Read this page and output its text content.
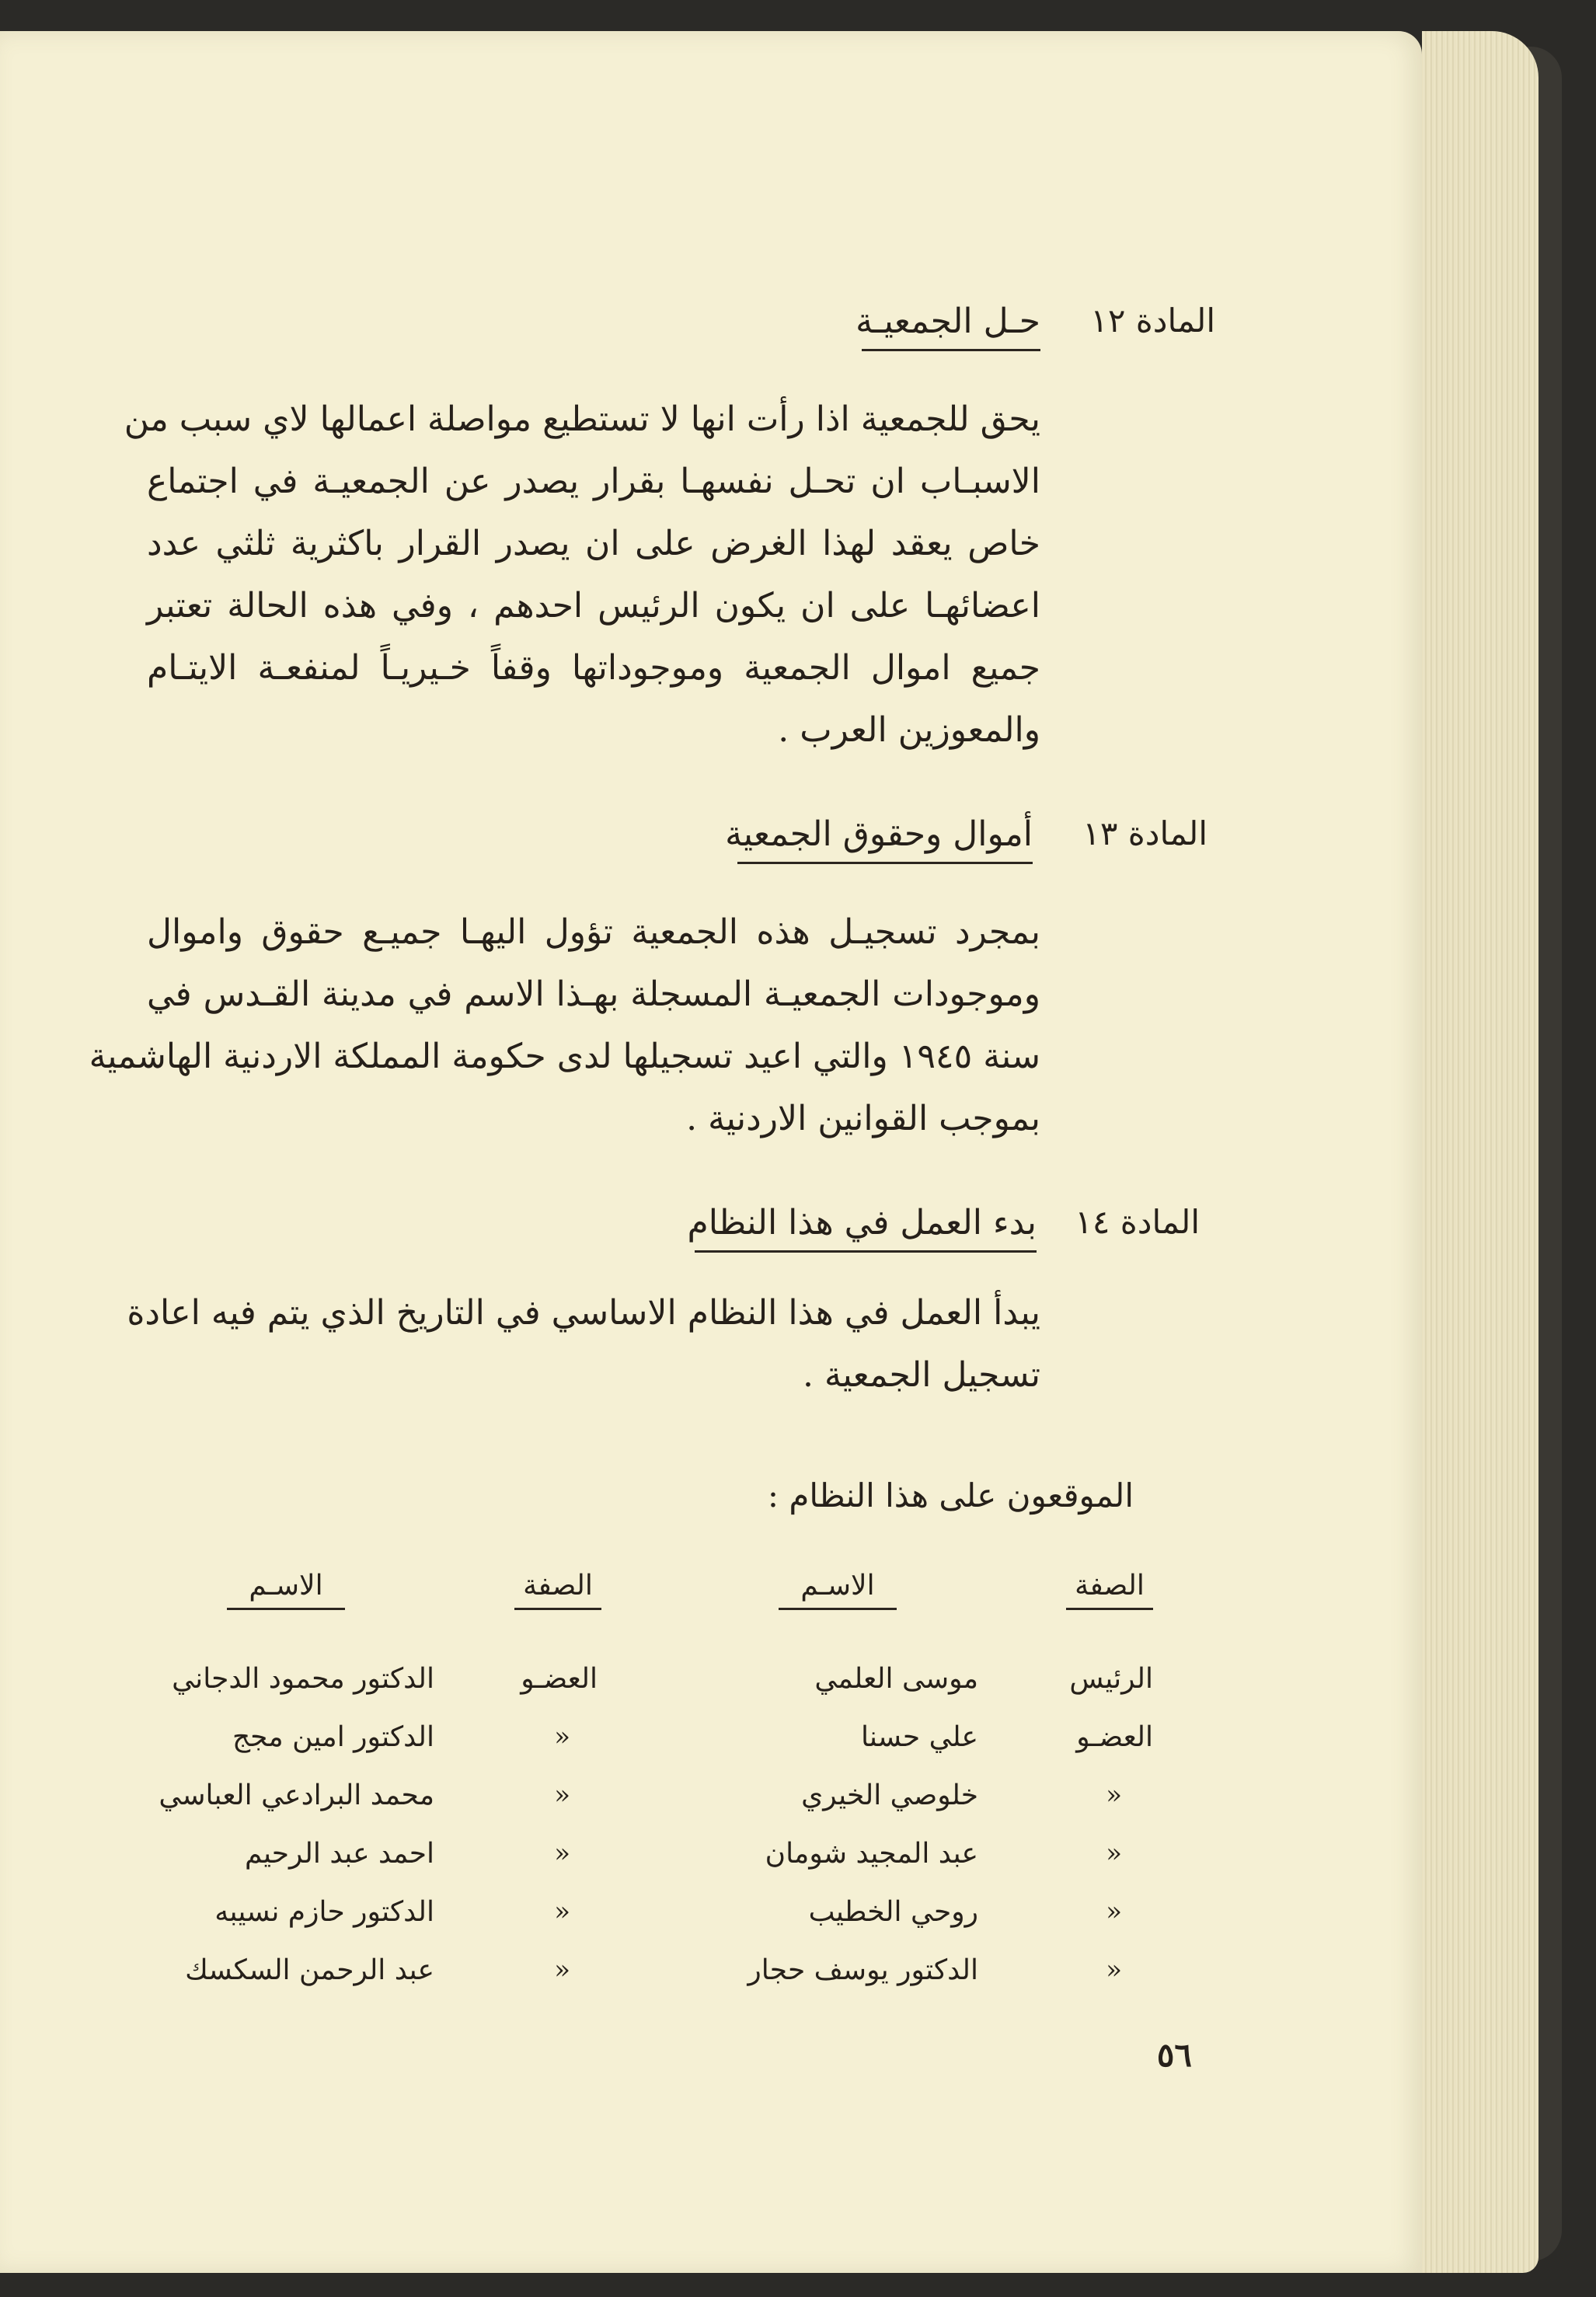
المادة ١٢
حـل الجمعيـة
يحق للجمعية اذا رأت انها لا تستطيع مواصلة اعمالها لاي سبب من
الاسبـاب ان تحـل نفسهـا بقرار يصدر عن الجمعيـة في اجتماع
خاص يعقد لهذا الغرض على ان يصدر القرار باكثرية ثلثي عدد
اعضائهـا على ان يكون الرئيس احدهم ، وفي هذه الحالة تعتبر
جميع اموال الجمعية وموجوداتها وقفاً خـيريـاً لمنفعـة الايتـام
والمعوزين العرب .
المادة ١٣
أموال وحقوق الجمعية
بمجرد تسجيـل هذه الجمعية تؤول اليهـا جميـع حقوق واموال
وموجودات الجمعيـة المسجلة بهـذا الاسم في مدينة القـدس في
سنة ١٩٤٥ والتي اعيد تسجيلها لدى حكومة المملكة الاردنية الهاشمية
بموجب القوانين الاردنية .
المادة ١٤
بدء العمل في هذا النظام
يبدأ العمل في هذا النظام الاساسي في التاريخ الذي يتم فيه اعادة
تسجيل الجمعية .
الموقعون على هذا النظام :
الصفة
الاسـم
الصفة
الاسـم
الرئيس
العضـو
»
»
»
»
موسى العلمي
علي حسنا
خلوصي الخيري
عبد المجيد شومان
روحي الخطيب
الدكتور يوسف حجار
العضـو
»
»
»
»
»
الدكتور محمود الدجاني
الدكتور امين مجج
محمد البرادعي العباسي
احمد عبد الرحيم
الدكتور حازم نسيبه
عبد الرحمن السكسك
٥٦
